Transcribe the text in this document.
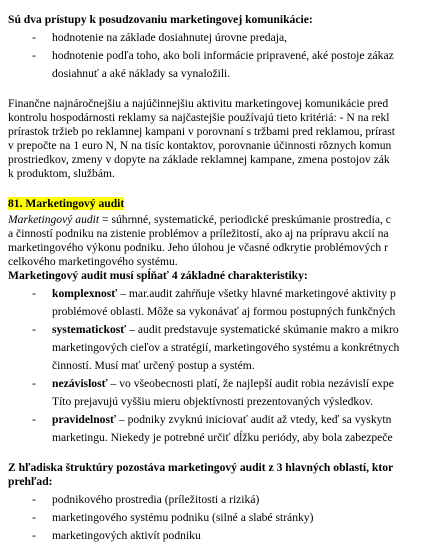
Sú dva prístupy k posudzovaniu marketingovej komunikácie:
- hodnotenie na základe dosiahnutej úrovne predaja,
- hodnotenie podľa toho, ako boli informácie pripravené, aké postoje zákaz
dosiahnuť a aké náklady sa vynaložili.
Finančne najnáročnejšiu a najúčinnejšiu aktivitu marketingovej komunikácie pred
kontrolu hospodárnosti reklamy sa najčastejšie používajú tieto kritériá: - N na rekl
prírastok tržieb po reklamnej kampani v porovnaní s tržbami pred reklamou, prírast
v prepočte na 1 euro N, N na tisíc kontaktov, porovnanie účinnosti rôznych komun
prostriedkov, zmeny v dopyte na základe reklamnej kampane, zmena postojov zák
k produktom, službám.
81. Marketingový audit
Marketingový audit = súhrnné, systematické, periodické preskúmanie prostredia, c
a činností podniku na zistenie problémov a príležitostí, ako aj na prípravu akcií na
marketingového výkonu podniku. Jeho úlohou je včasné odkrytie problémových r
celkového marketingového systému.
Marketingový audit musí spĺňať 4 základné charakteristiky:
- komplexnosť – mar.audit zahŕňuje všetky hlavné marketingové aktivity p
problémové oblasti. Môže sa vykonávať aj formou postupných funkčných
- systematickosť – audit predstavuje systematické skúmanie makro a mikro
marketingových cieľov a stratégií, marketingového systému a konkrétnych
činností. Musí mať určený postup a systém.
- nezávislosť – vo všeobecnosti platí, že najlepší audit robia nezávislí expe
Títo prejavujú vyššiu mieru objektívnosti prezentovaných výsledkov.
- pravidelnosť – podniky zvyknú iniciovať audit až vtedy, keď sa vyskytn
marketingu. Niekedy je potrebné určiť dĺžku periódy, aby bola zabezpeče
Z hľadiska štruktúry pozostáva marketingový audit z 3 hlavných oblastí, ktor
prehľad:
- podnikového prostredia (príležitosti a riziká)
- marketingového systému podniku (silné a slabé stránky)
- marketingových aktivít podniku
